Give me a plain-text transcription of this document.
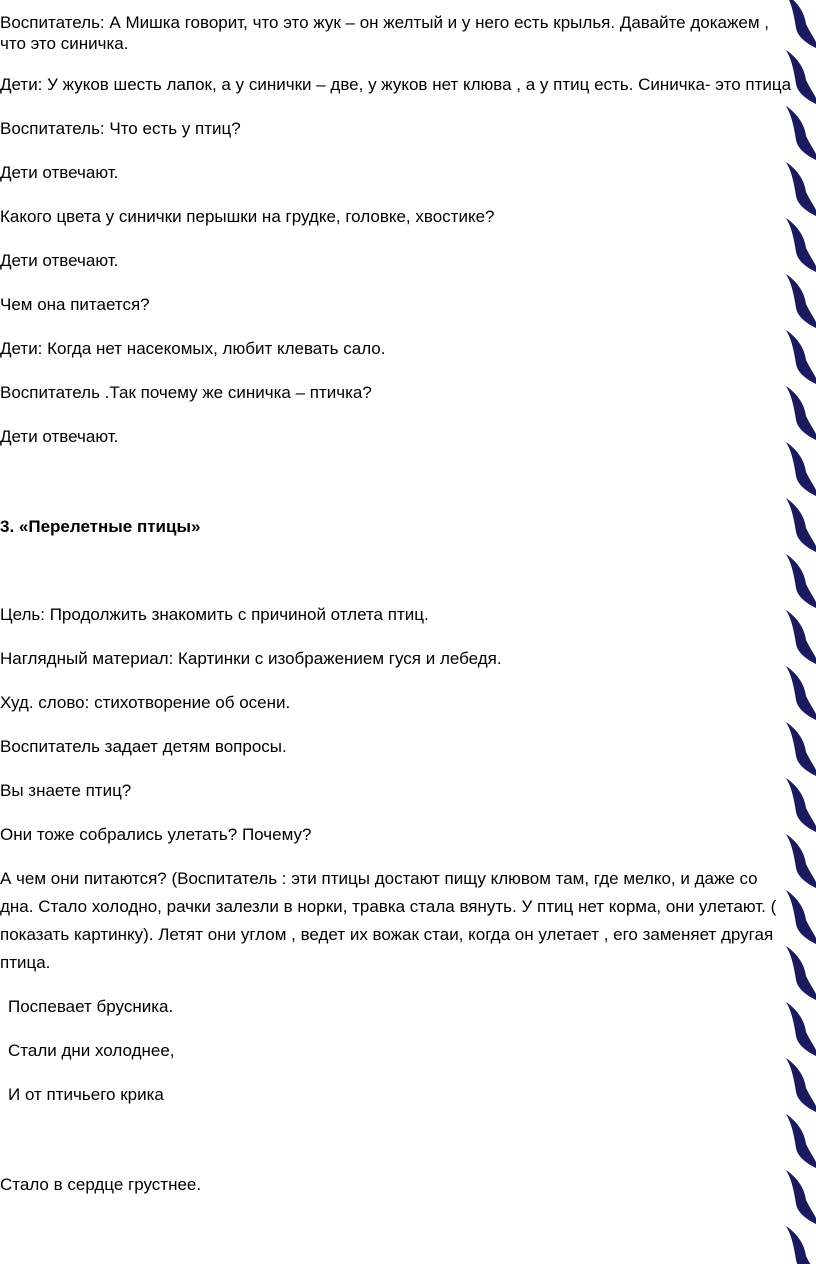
Воспитатель: А Мишка говорит, что это жук – он желтый и у него есть крылья. Давайте докажем ,

что это синичка.

Дети: У жуков шесть лапок, а у синички – две, у жуков нет клюва , а у птиц есть. Синичка- это птица

Воспитатель: Что есть у птиц?

Дети отвечают.

Какого цвета у синички перышки на грудке, головке, хвостике?

Дети отвечают.

Чем она питается?

Дети: Когда нет насекомых, любит клевать сало.

Воспитатель .Так почему же синичка – птичка?

Дети отвечают.

3. «Перелетные птицы»

Цель: Продолжить знакомить с причиной отлета птиц.

Наглядный материал: Картинки с изображением гуся и лебедя.

Худ. слово: стихотворение об осени.

Воспитатель задает детям вопросы.

Вы знаете птиц?

Они тоже собрались улетать? Почему?

А чем они питаются? (Воспитатель : эти птицы достают пищу клювом там, где мелко, и даже со

дна. Стало холодно, рачки залезли в норки, травка стала вянуть. У птиц нет корма, они улетают. (

показать картинку). Летят они углом , ведет их вожак стаи, когда он улетает , его заменяет другая

птица.

Поспевает брусника.

Стали дни холоднее,

И от птичьего крика

Стало в сердце грустнее.
